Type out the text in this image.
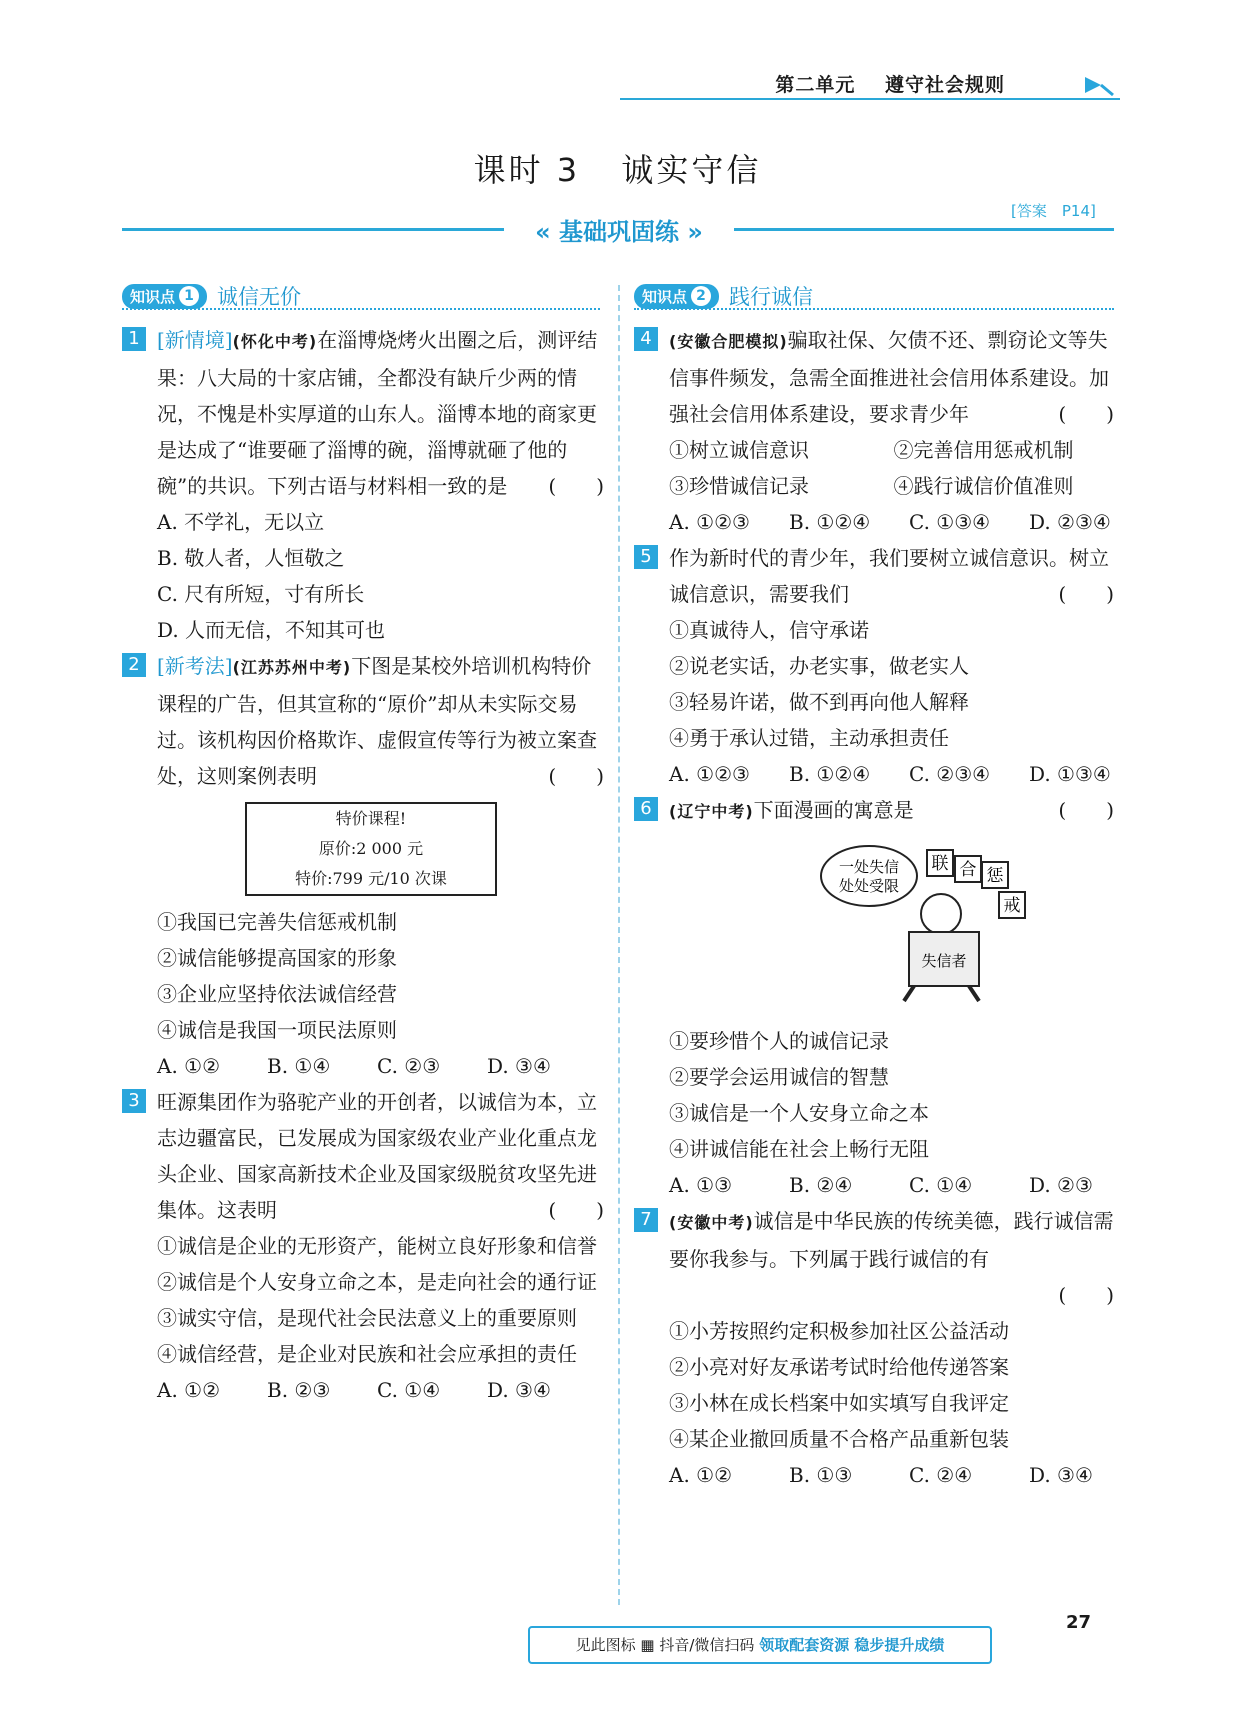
第二单元 遵守社会规则
课时 3 诚实守信
[答案　P14]
« 基础巩固练 »
知识点 1 诚信无价	知识点 2 践行诚信
1 [新情境](怀化中考)在淄博烧烤火出圈之后，测评结果：八大局的十家店铺，全都没有缺斤少两的情况，不愧是朴实厚道的山东人。淄博本地的商家更是达成了“谁要砸了淄博的碗，淄博就砸了他的碗”的共识。下列古语与材料相一致的是 (　　)

A. 不学礼，无以立

B. 敬人者，人恒敬之

C. 尺有所短，寸有所长

D. 人而无信，不知其可也

2 [新考法](江苏苏州中考)下图是某校外培训机构特价课程的广告，但其宣称的“原价”却从未实际交易过。该机构因价格欺诈、虚假宣传等行为被立案查处，这则案例表明	(　　)

特价课程!
原价:2 000 元
特价:799 元/10 次课

①我国已完善失信惩戒机制

②诚信能够提高国家的形象

③企业应坚持依法诚信经营

④诚信是我国一项民法原则

A. ①②	B. ①④	C. ②③	D. ③④

3 旺源集团作为骆驼产业的开创者，以诚信为本，立志边疆富民，已发展成为国家级农业产业化重点龙头企业、国家高新技术企业及国家级脱贫攻坚先进集体。这表明	(　　)

①诚信是企业的无形资产，能树立良好形象和信誉

②诚信是个人安身立命之本，是走向社会的通行证

③诚实守信，是现代社会民法意义上的重要原则

④诚信经营，是企业对民族和社会应承担的责任

A. ①②	B. ②③	C. ①④	D. ③④

4	(安徽合肥模拟)骗取社保、欠债不还、剽窃论文等失信事件频发，急需全面推进社会信用体系建设。加强社会信用体系建设，要求青少年	(　　)

①树立诚信意识	②完善信用惩戒机制

③珍惜诚信记录	④践行诚信价值准则

A. ①②③	B. ①②④	C. ①③④	D. ②③④

5 作为新时代的青少年，我们要树立诚信意识。树立诚信意识，需要我们	(　　)

①真诚待人，信守承诺

②说老实话，办老实事，做老实人

③轻易许诺，做不到再向他人解释

④勇于承认过错，主动承担责任

A. ①②③	B. ①②④	C. ②③④	D. ①③④

6	(辽宁中考)下面漫画的寓意是	(　　)

一处失信
处处受限
联 合 惩
戒
失信者

①要珍惜个人的诚信记录

②要学会运用诚信的智慧

③诚信是一个人安身立命之本

④讲诚信能在社会上畅行无阻

A. ①③	B. ②④	C. ①④	D. ②③

7	(安徽中考)诚信是中华民族的传统美德，践行诚信需要你我参与。下列属于践行诚信的有

(　　)

①小芳按照约定积极参加社区公益活动

②小亮对好友承诺考试时给他传递答案

③小林在成长档案中如实填写自我评定

④某企业撤回质量不合格产品重新包装

A. ①②	B. ①③	C. ②④	D. ③④

见此图标 ▦ 抖音/微信扫码 领取配套资源 稳步提升成绩
27
